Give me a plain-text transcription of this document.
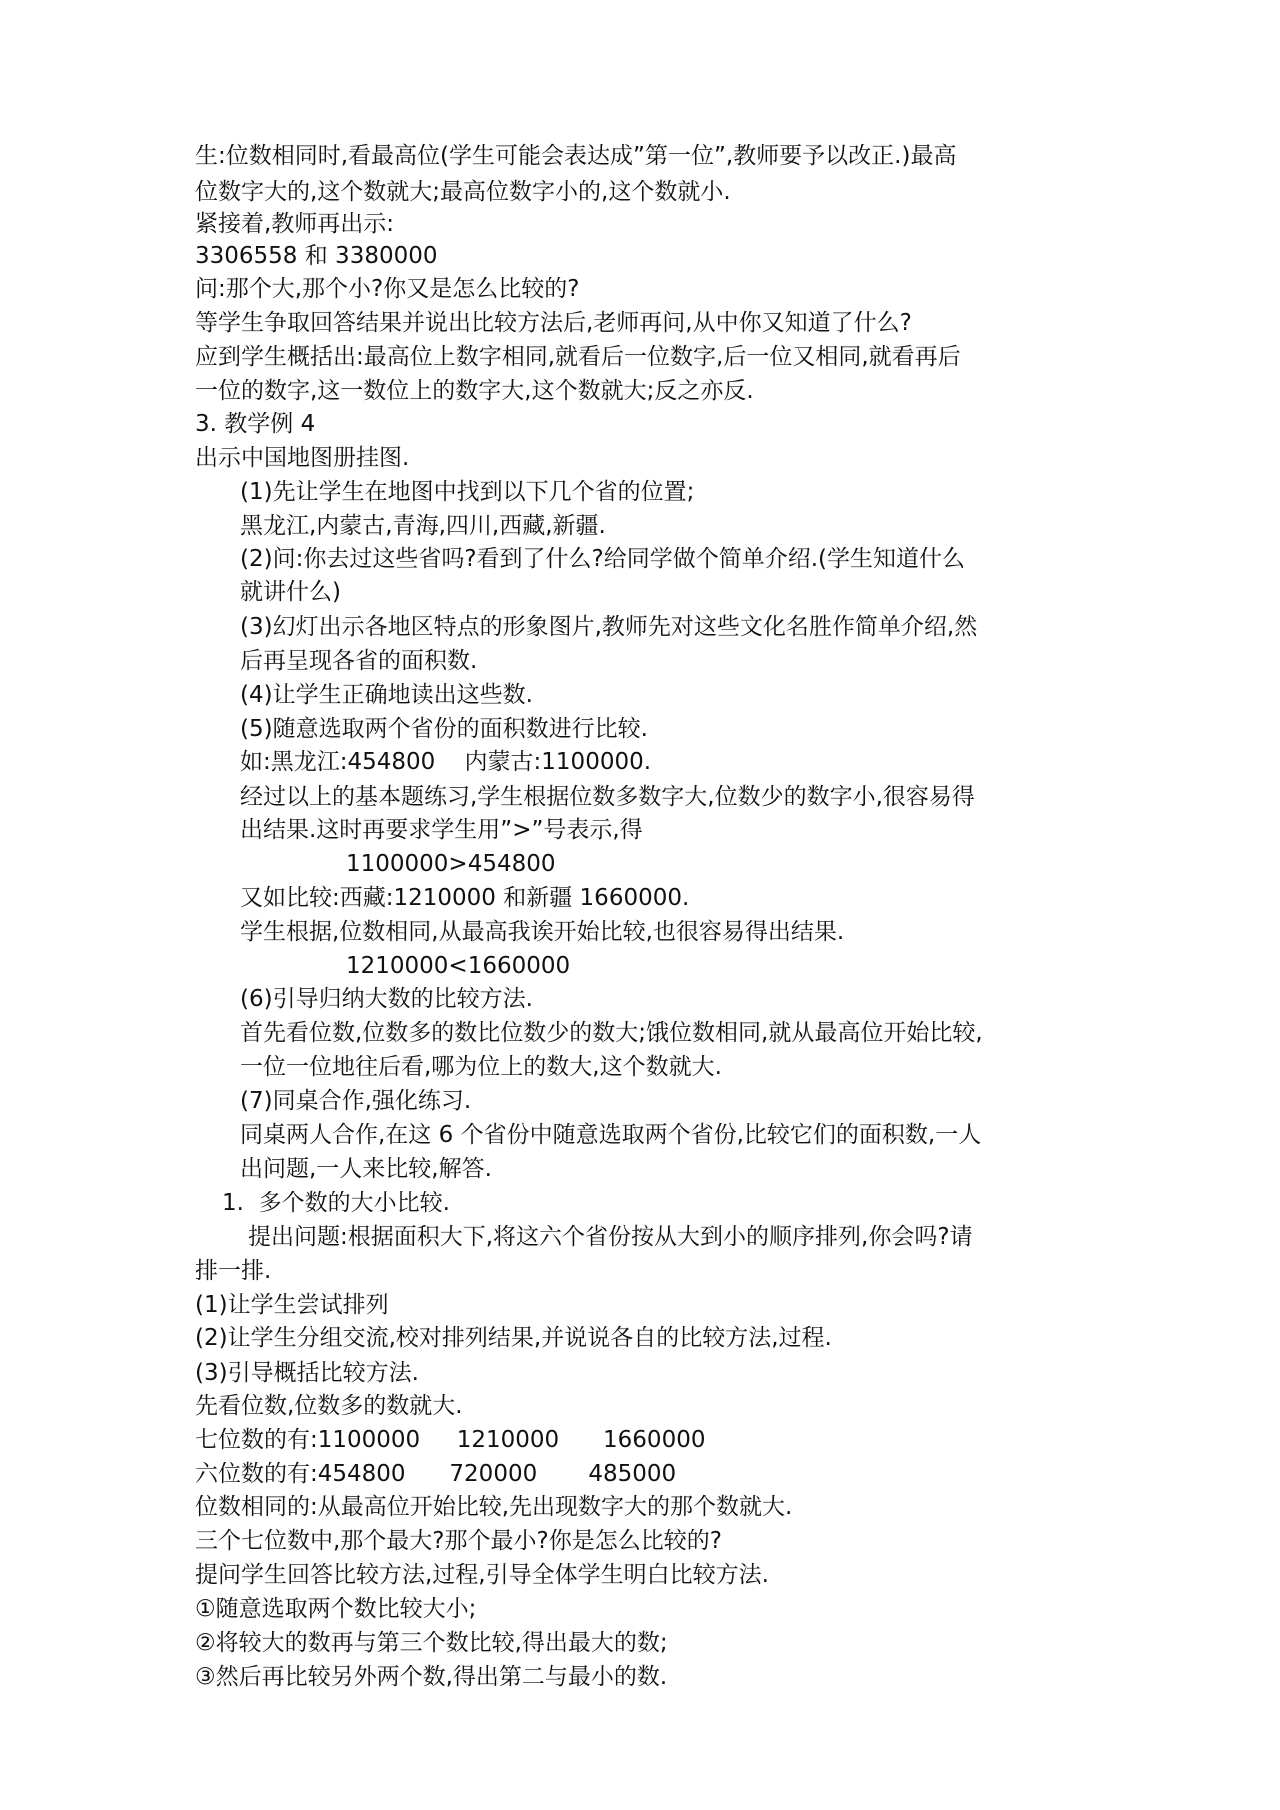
生:位数相同时,看最高位(学生可能会表达成”第一位”,教师要予以改正.)最高
位数字大的,这个数就大;最高位数字小的,这个数就小.
紧接着,教师再出示:
3306558 和 3380000
问:那个大,那个小?你又是怎么比较的?
等学生争取回答结果并说出比较方法后,老师再问,从中你又知道了什么?
应到学生概括出:最高位上数字相同,就看后一位数字,后一位又相同,就看再后
一位的数字,这一数位上的数字大,这个数就大;反之亦反.
3. 教学例 4
出示中国地图册挂图.
(1)先让学生在地图中找到以下几个省的位置;
黑龙江,内蒙古,青海,四川,西藏,新疆.
(2)问:你去过这些省吗?看到了什么?给同学做个简单介绍.(学生知道什么
就讲什么)
(3)幻灯出示各地区特点的形象图片,教师先对这些文化名胜作简单介绍,然
后再呈现各省的面积数.
(4)让学生正确地读出这些数.
(5)随意选取两个省份的面积数进行比较.
如:黑龙江:454800    内蒙古:1100000.
经过以上的基本题练习,学生根据位数多数字大,位数少的数字小,很容易得
出结果.这时再要求学生用”>”号表示,得
1100000>454800
又如比较:西藏:1210000 和新疆 1660000.
学生根据,位数相同,从最高我诶开始比较,也很容易得出结果.
1210000<1660000
(6)引导归纳大数的比较方法.
首先看位数,位数多的数比位数少的数大;饿位数相同,就从最高位开始比较,
一位一位地往后看,哪为位上的数大,这个数就大.
(7)同桌合作,强化练习.
同桌两人合作,在这 6 个省份中随意选取两个省份,比较它们的面积数,一人
出问题,一人来比较,解答.
1.  多个数的大小比较.
提出问题:根据面积大下,将这六个省份按从大到小的顺序排列,你会吗?请
排一排.
(1)让学生尝试排列
(2)让学生分组交流,校对排列结果,并说说各自的比较方法,过程.
(3)引导概括比较方法.
先看位数,位数多的数就大.
七位数的有:1100000     1210000      1660000
六位数的有:454800      720000       485000
位数相同的:从最高位开始比较,先出现数字大的那个数就大.
三个七位数中,那个最大?那个最小?你是怎么比较的?
提问学生回答比较方法,过程,引导全体学生明白比较方法.
①随意选取两个数比较大小;
②将较大的数再与第三个数比较,得出最大的数;
③然后再比较另外两个数,得出第二与最小的数.
